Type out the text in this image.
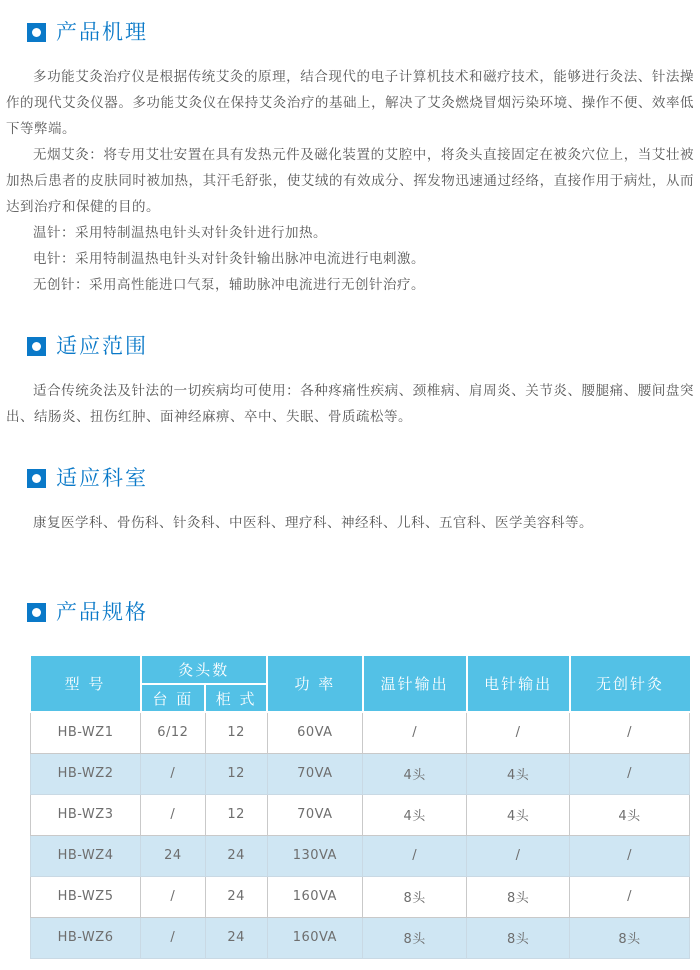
产品机理

多功能艾灸治疗仪是根据传统艾灸的原理，结合现代的电子计算机技术和磁疗技术，能够进行灸法、针法操作的现代艾灸仪器。多功能艾灸仪在保持艾灸治疗的基础上，解决了艾灸燃烧冒烟污染环境、操作不便、效率低下等弊端。

无烟艾灸：将专用艾壮安置在具有发热元件及磁化装置的艾腔中，将灸头直接固定在被灸穴位上，当艾壮被加热后患者的皮肤同时被加热，其汗毛舒张，使艾绒的有效成分、挥发物迅速通过经络，直接作用于病灶，从而达到治疗和保健的目的。

温针：采用特制温热电针头对针灸针进行加热。

电针：采用特制温热电针头对针灸针输出脉冲电流进行电刺激。

无创针：采用高性能进口气泵，辅助脉冲电流进行无创针治疗。

适应范围

适合传统灸法及针法的一切疾病均可使用：各种疼痛性疾病、颈椎病、肩周炎、关节炎、腰腿痛、腰间盘突出、结肠炎、扭伤红肿、面神经麻痹、卒中、失眠、骨质疏松等。

适应科室

康复医学科、骨伤科、针灸科、中医科、理疗科、神经科、儿科、五官科、医学美容科等。

产品规格
型 号	灸头数		功 率	温针输出	电针输出	无创针灸
	台 面	柜 式				
HB-WZ1	6/12	12	60VA	/	/	/
HB-WZ2	/	12	70VA	4头	4头	/
HB-WZ3	/	12	70VA	4头	4头	4头
HB-WZ4	24	24	130VA	/	/	/
HB-WZ5	/	24	160VA	8头	8头	/
HB-WZ6	/	24	160VA	8头	8头	8头
